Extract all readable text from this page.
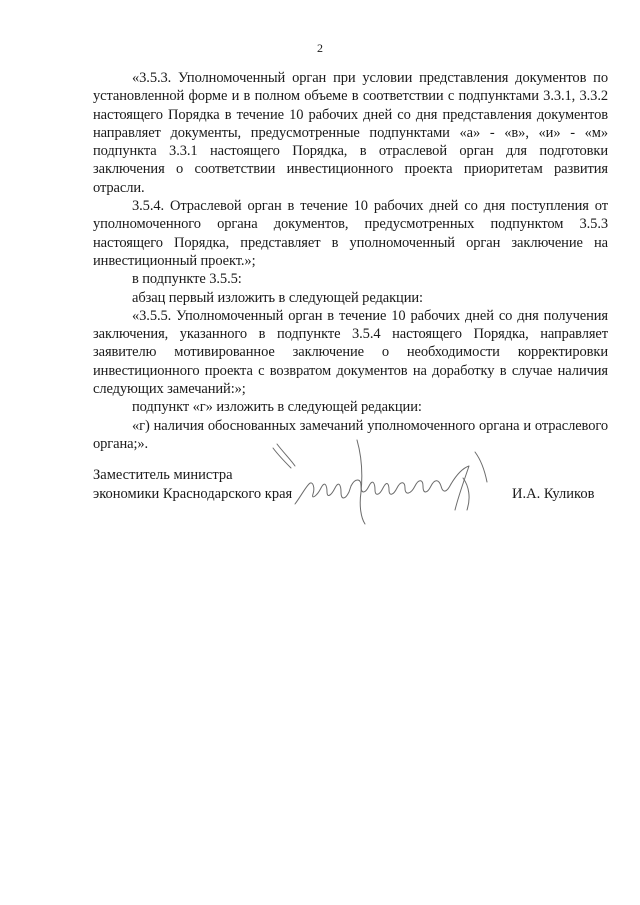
2

«3.5.3. Уполномоченный орган при условии представления документов по установленной форме и в полном объеме в соответствии с подпунктами 3.3.1, 3.3.2 настоящего Порядка в течение 10 рабочих дней со дня представления документов направляет документы, предусмотренные подпунктами «а» - «в», «и» - «м» подпункта 3.3.1 настоящего Порядка, в отраслевой орган для подготовки заключения о соответствии инвестиционного проекта приоритетам развития отрасли.

3.5.4. Отраслевой орган в течение 10 рабочих дней со дня поступления от уполномоченного органа документов, предусмотренных подпунктом 3.5.3 настоящего Порядка, представляет в уполномоченный орган заключение на инвестиционный проект.»;

в подпункте 3.5.5:

абзац первый изложить в следующей редакции:

«3.5.5. Уполномоченный орган в течение 10 рабочих дней со дня получения заключения, указанного в подпункте 3.5.4 настоящего Порядка, направляет заявителю мотивированное заключение о необходимости корректировки инвестиционного проекта с возвратом документов на доработку в случае наличия следующих замечаний:»;

подпункт «г» изложить в следующей редакции:

«г) наличия обоснованных замечаний уполномоченного органа и отраслевого органа;».

Заместитель министра
экономики Краснодарского края	И.А. Куликов
